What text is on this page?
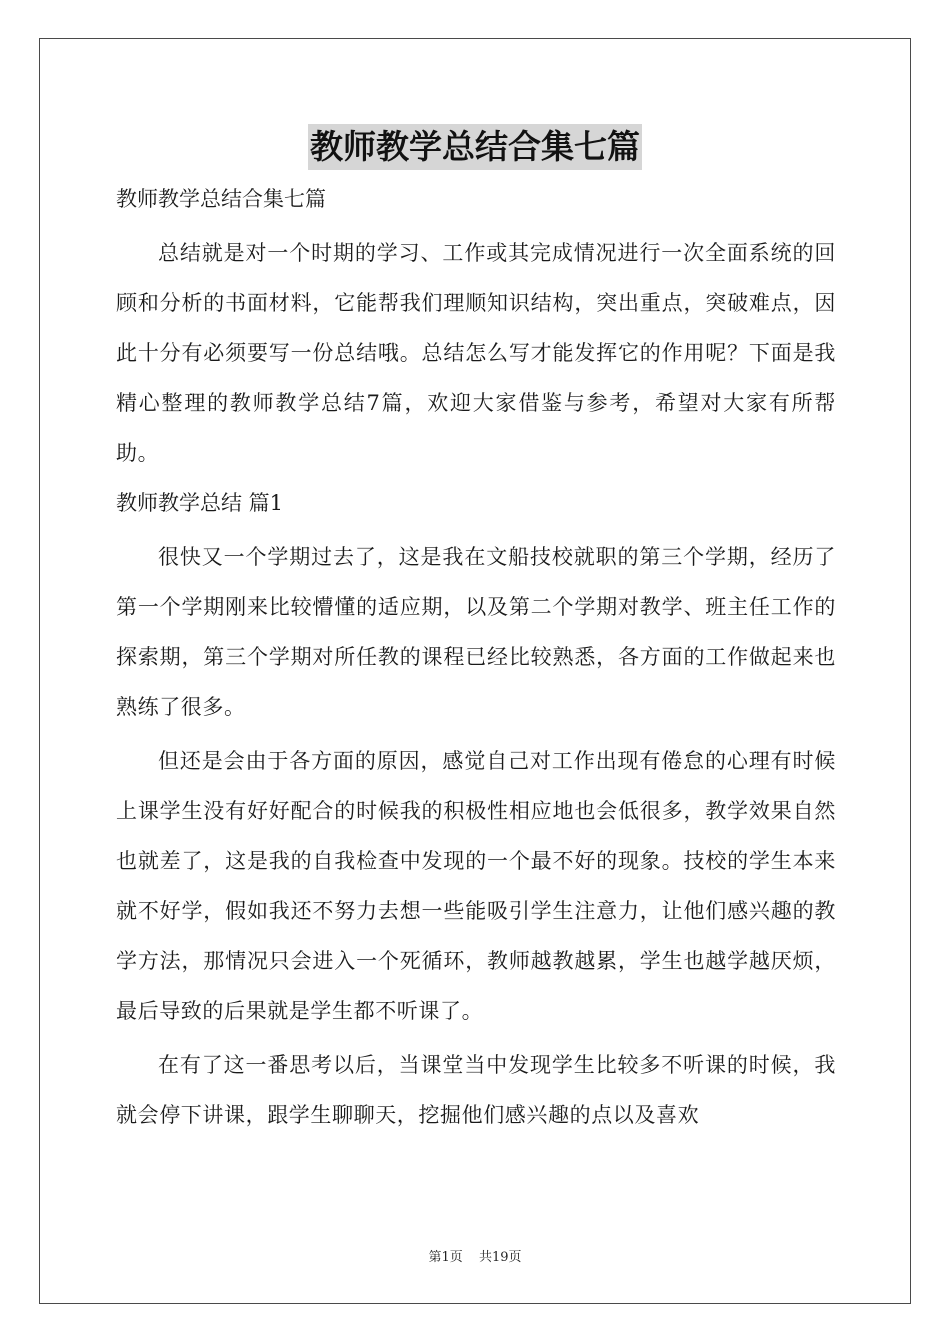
教师教学总结合集七篇

教师教学总结合集七篇

总结就是对一个时期的学习、工作或其完成情况进行一次全面系统的回顾和分析的书面材料，它能帮我们理顺知识结构，突出重点，突破难点，因此十分有必须要写一份总结哦。总结怎么写才能发挥它的作用呢？下面是我精心整理的教师教学总结7篇，欢迎大家借鉴与参考，希望对大家有所帮助。

教师教学总结 篇1

很快又一个学期过去了，这是我在文船技校就职的第三个学期，经历了第一个学期刚来比较懵懂的适应期，以及第二个学期对教学、班主任工作的探索期，第三个学期对所任教的课程已经比较熟悉，各方面的工作做起来也熟练了很多。

但还是会由于各方面的原因，感觉自己对工作出现有倦怠的心理有时候上课学生没有好好配合的时候我的积极性相应地也会低很多，教学效果自然也就差了，这是我的自我检查中发现的一个最不好的现象。技校的学生本来就不好学，假如我还不努力去想一些能吸引学生注意力，让他们感兴趣的教学方法，那情况只会进入一个死循环，教师越教越累，学生也越学越厌烦，最后导致的后果就是学生都不听课了。

在有了这一番思考以后，当课堂当中发现学生比较多不听课的时候，我就会停下讲课，跟学生聊聊天，挖掘他们感兴趣的点以及喜欢

第1页 共19页
